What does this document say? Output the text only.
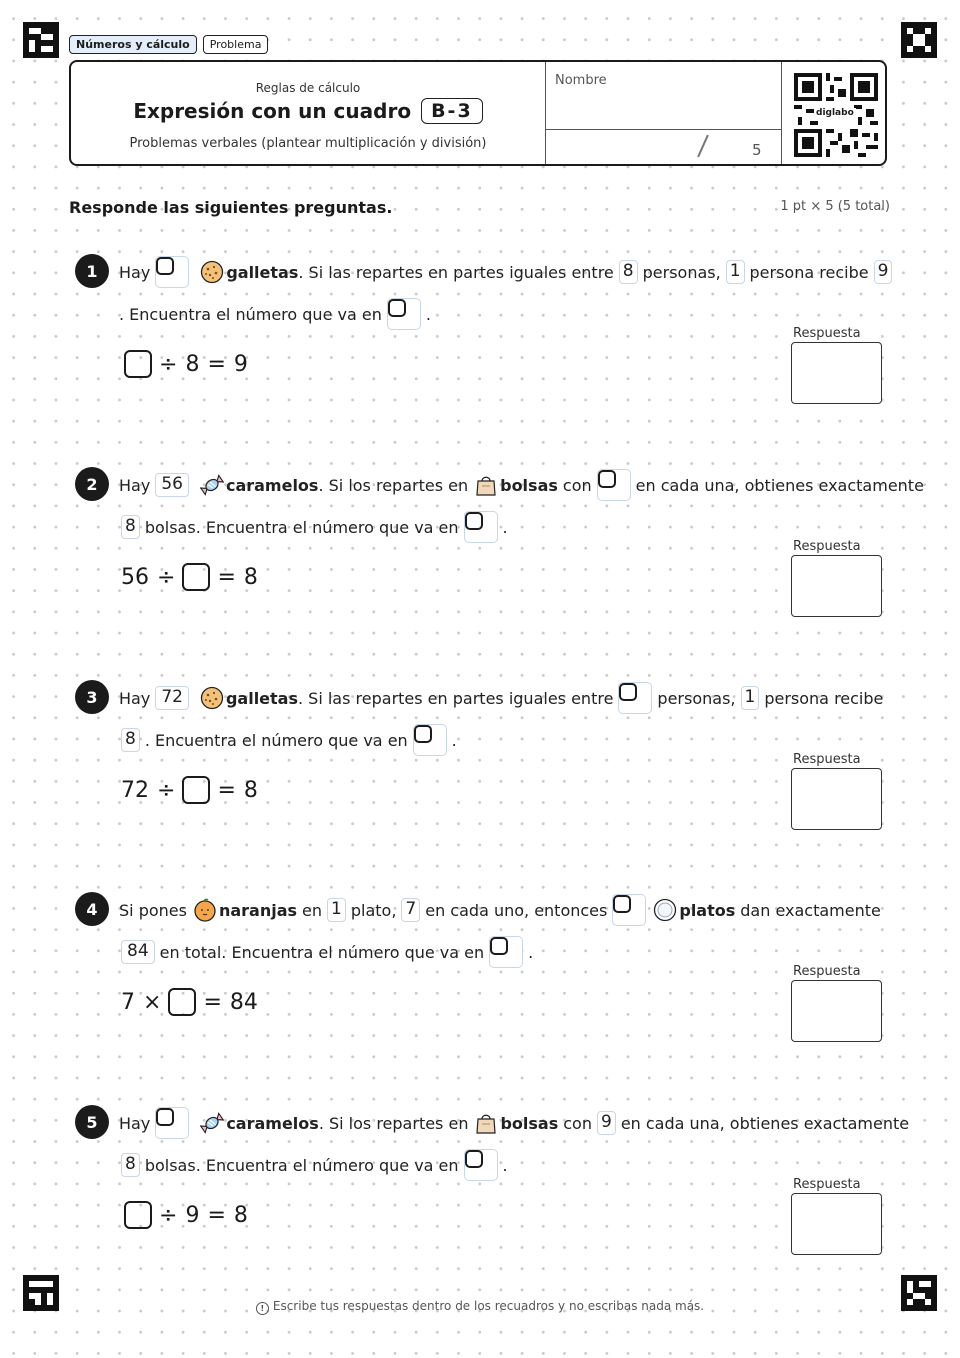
Números y cálculo	Problema
Reglas de cálculo
Expresión con un cuadro	B-3
Problemas verbales (plantear multiplicación y división)
Nombre
5
diglabo
Responde las siguientes preguntas.	1 pt × 5 (5 total)
1	Hay	galletas . Si las repartes en partes iguales entre 8 personas, 1 persona recibe 9
. Encuentra el número que va en	.
÷ 8 = 9
Respuesta
2	Hay 56	caramelos . Si los repartes en bolsas con	en cada una, obtienes exactamente
8 bolsas. Encuentra el número que va en	.
56 ÷ = 8
Respuesta
3	Hay 72	galletas . Si las repartes en partes iguales entre	personas, 1 persona recibe
8 . Encuentra el número que va en	.
72 ÷ = 8
Respuesta
4	Si pones naranjas en 1 plato, 7 en cada uno, entonces	platos dan exactamente
84 en total. Encuentra el número que va en	.
7 × = 84
Respuesta
5	Hay	caramelos . Si los repartes en bolsas con 9 en cada una, obtienes exactamente
8 bolsas. Encuentra el número que va en	.
÷ 9 = 8
Respuesta
! Escribe tus respuestas dentro de los recuadros y no escribas nada más.
